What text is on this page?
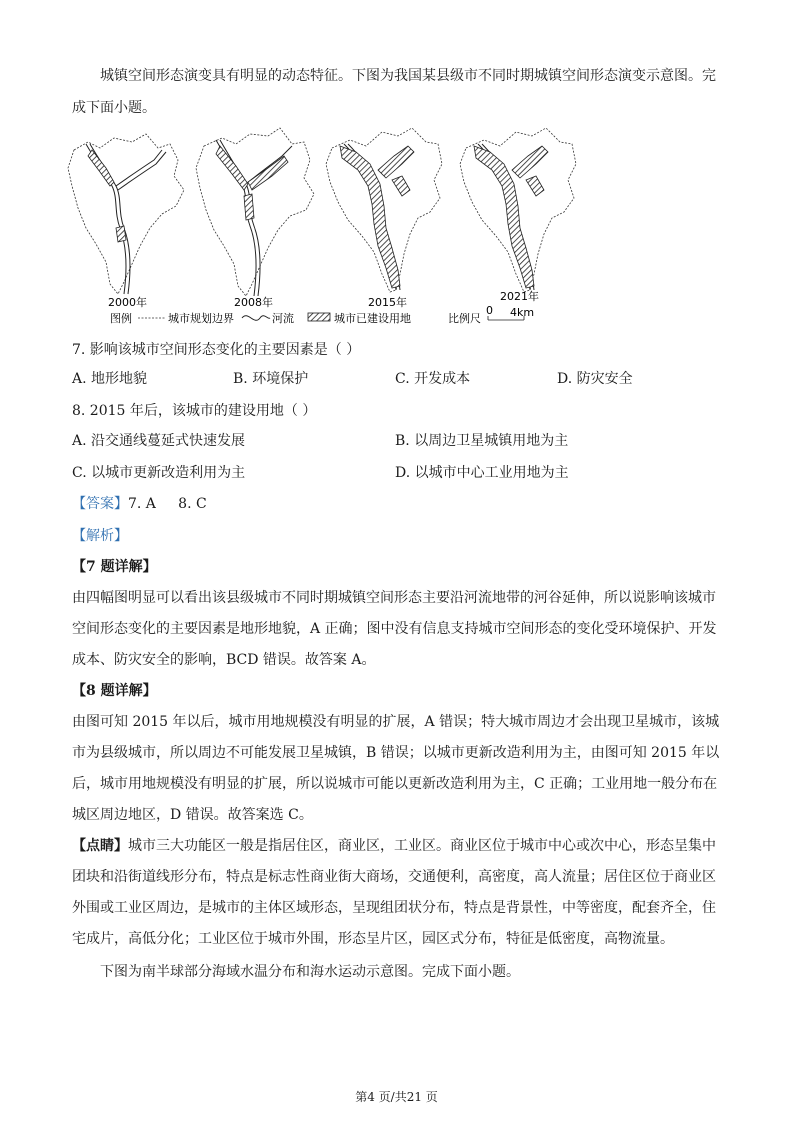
城镇空间形态演变具有明显的动态特征。下图为我国某县级市不同时期城镇空间形态演变示意图。完
成下面小题。
2000年	2008年	2015年	2021年
图例	城市规划边界	河流	城市已建设用地	比例尺
0 4km
7. 影响该城市空间形态变化的主要因素是（ ）
A. 地形地貌	B. 环境保护	C. 开发成本	D. 防灾安全
8. 2015 年后，该城市的建设用地（ ）
A. 沿交通线蔓延式快速发展	B. 以周边卫星城镇用地为主
C. 以城市更新改造利用为主	D. 以城市中心工业用地为主
【答案】7. A     8. C
【解析】
【7 题详解】
由四幅图明显可以看出该县级城市不同时期城镇空间形态主要沿河流地带的河谷延伸，所以说影响该城市
空间形态变化的主要因素是地形地貌，A 正确；图中没有信息支持城市空间形态的变化受环境保护、开发
成本、防灾安全的影响，BCD 错误。故答案 A。
【8 题详解】
由图可知 2015 年以后，城市用地规模没有明显的扩展，A 错误；特大城市周边才会出现卫星城市，该城
市为县级城市，所以周边不可能发展卫星城镇，B 错误；以城市更新改造利用为主，由图可知 2015 年以
后，城市用地规模没有明显的扩展，所以说城市可能以更新改造利用为主，C 正确；工业用地一般分布在
城区周边地区，D 错误。故答案选 C。
【点睛】城市三大功能区一般是指居住区，商业区，工业区。商业区位于城市中心或次中心，形态呈集中
团块和沿街道线形分布，特点是标志性商业街大商场，交通便利，高密度，高人流量；居住区位于商业区
外围或工业区周边，是城市的主体区域形态，呈现组团状分布，特点是背景性，中等密度，配套齐全，住
宅成片，高低分化；工业区位于城市外围，形态呈片区，园区式分布，特征是低密度，高物流量。
下图为南半球部分海域水温分布和海水运动示意图。完成下面小题。
第4 页/共21 页
